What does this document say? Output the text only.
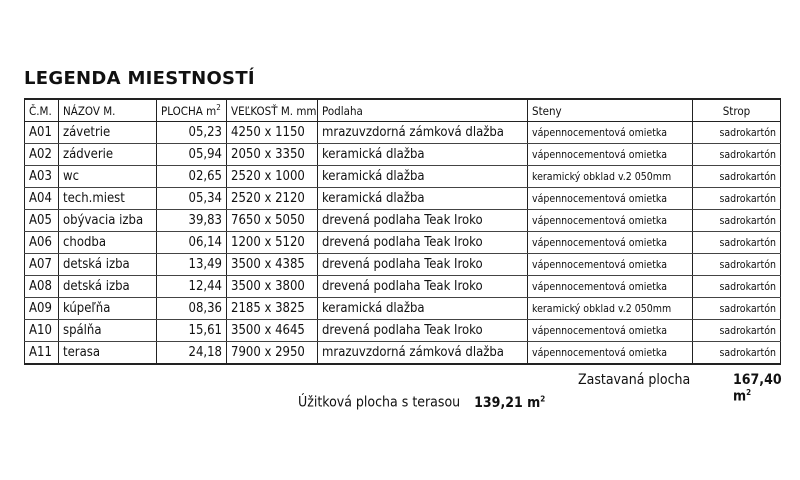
LEGENDA MIESTNOSTÍ
Č.M.	NÁZOV M.	PLOCHA $m^2$	VEĽKOSŤ M. mm	Podlaha	Steny	Strop
A01	závetrie	05,23	4250 x 1150	mrazuvzdorná zámková dlažba	vápennocementová omietka	sadrokartón
A02	zádverie	05,94	2050 x 3350	keramická dlažba	vápennocementová omietka	sadrokartón
A03	wc	02,65	2520 x 1000	keramická dlažba	keramický obklad v.2 050mm	sadrokartón
A04	tech.miest	05,34	2520 x 2120	keramická dlažba	vápennocementová omietka	sadrokartón
A05	obývacia izba	39,83	7650 x 5050	drevená podlaha Teak Iroko	vápennocementová omietka	sadrokartón
A06	chodba	06,14	1200 x 5120	drevená podlaha Teak Iroko	vápennocementová omietka	sadrokartón
A07	detská izba	13,49	3500 x 4385	drevená podlaha Teak Iroko	vápennocementová omietka	sadrokartón
A08	detská izba	12,44	3500 x 3800	drevená podlaha Teak Iroko	vápennocementová omietka	sadrokartón
A09	kúpeľňa	08,36	2185 x 3825	keramická dlažba	keramický obklad v.2 050mm	sadrokartón
A10	spálňa	15,61	3500 x 4645	drevená podlaha Teak Iroko	vápennocementová omietka	sadrokartón
A11	terasa	24,18	7900 x 2950	mrazuvzdorná zámková dlažba	vápennocementová omietka	sadrokartón
Zastavaná plocha	167,40 $m^2$
Úžitková plocha s terasou 139,21 $m^2$
